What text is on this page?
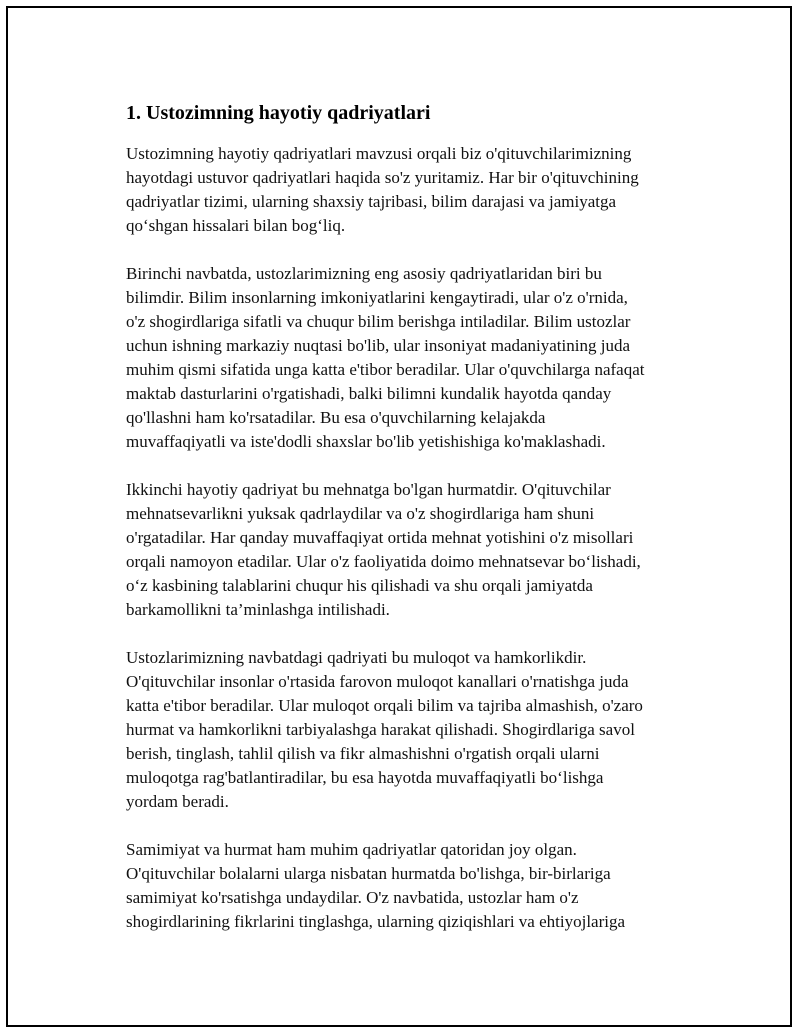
1. Ustozimning hayotiy qadriyatlari

Ustozimning hayotiy qadriyatlari mavzusi orqali biz o'qituvchilarimizning
hayotdagi ustuvor qadriyatlari haqida so'z yuritamiz. Har bir o'qituvchining
qadriyatlar tizimi, ularning shaxsiy tajribasi, bilim darajasi va jamiyatga
qo‘shgan hissalari bilan bog‘liq.

Birinchi navbatda, ustozlarimizning eng asosiy qadriyatlaridan biri bu
bilimdir. Bilim insonlarning imkoniyatlarini kengaytiradi, ular o'z o'rnida,
o'z shogirdlariga sifatli va chuqur bilim berishga intiladilar. Bilim ustozlar
uchun ishning markaziy nuqtasi bo'lib, ular insoniyat madaniyatining juda
muhim qismi sifatida unga katta e'tibor beradilar. Ular o'quvchilarga nafaqat
maktab dasturlarini o'rgatishadi, balki bilimni kundalik hayotda qanday
qo'llashni ham ko'rsatadilar. Bu esa o'quvchilarning kelajakda
muvaffaqiyatli va iste'dodli shaxslar bo'lib yetishishiga ko'maklashadi.

Ikkinchi hayotiy qadriyat bu mehnatga bo'lgan hurmatdir. O'qituvchilar
mehnatsevarlikni yuksak qadrlaydilar va o'z shogirdlariga ham shuni
o'rgatadilar. Har qanday muvaffaqiyat ortida mehnat yotishini o'z misollari
orqali namoyon etadilar. Ular o'z faoliyatida doimo mehnatsevar bo‘lishadi,
o‘z kasbining talablarini chuqur his qilishadi va shu orqali jamiyatda
barkamollikni ta’minlashga intilishadi.

Ustozlarimizning navbatdagi qadriyati bu muloqot va hamkorlikdir.
O'qituvchilar insonlar o'rtasida farovon muloqot kanallari o'rnatishga juda
katta e'tibor beradilar. Ular muloqot orqali bilim va tajriba almashish, o'zaro
hurmat va hamkorlikni tarbiyalashga harakat qilishadi. Shogirdlariga savol
berish, tinglash, tahlil qilish va fikr almashishni o'rgatish orqali ularni
muloqotga rag'batlantiradilar, bu esa hayotda muvaffaqiyatli bo‘lishga
yordam beradi.

Samimiyat va hurmat ham muhim qadriyatlar qatoridan joy olgan.
O'qituvchilar bolalarni ularga nisbatan hurmatda bo'lishga, bir-birlariga
samimiyat ko'rsatishga undaydilar. O'z navbatida, ustozlar ham o'z
shogirdlarining fikrlarini tinglashga, ularning qiziqishlari va ehtiyojlariga
